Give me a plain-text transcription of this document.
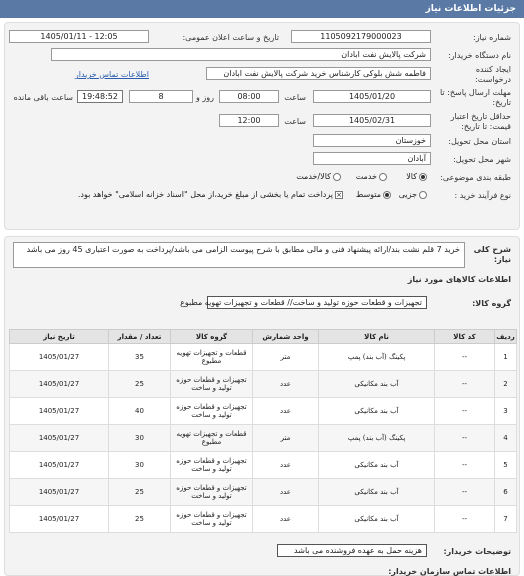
جزئیات اطلاعات نیاز
شماره نیاز:
1105092179000023
تاریخ و ساعت اعلان عمومی:
1405/01/11 - 12:05
نام دستگاه خریدار:
شرکت پالایش نفت ابادان
ایجاد کننده درخواست:
فاطمه شش بلوکی کارشناس خرید شرکت پالایش نفت ابادان
اطلاعات تماس خریدار
مهلت ارسال پاسخ: تا تاریخ:
1405/01/20
ساعت
08:00
8	روز و
ساعت باقی مانده	19:48:52
حداقل تاریخ اعتبار قیمت: تا تاریخ:
1405/02/31
ساعت
12:00
استان محل تحویل:
خوزستان
شهر محل تحویل:
آبادان
طبقه بندی موضوعی:
کالا
خدمت
کالا/خدمت
نوع فرآیند خرید :
جزیی
متوسط
×پرداخت تمام یا بخشی از مبلغ خرید،از محل "اسناد خزانه اسلامی" خواهد بود.
شرح کلی نیاز:
خرید 7 قلم نشت بند/ارائه پیشنهاد فنی و مالی مطابق با شرح پیوست الزامی می باشد/پرداخت به صورت اعتباری 45 روز می باشد
اطلاعات کالاهای مورد نیاز
گروه کالا:
تجهیزات و قطعات حوزه تولید و ساخت// قطعات و تجهیزات تهویه مطبوع
ردیف	کد کالا	نام کالا	واحد شمارش	گروه کالا	تعداد / مقدار	تاریخ نیاز
1	--	پکینگ (آب بند) پمپ	متر	قطعات و تجهیزات تهویه مطبوع	35	1405/01/27
2	--	آب بند مکانیکی	عدد	تجهیزات و قطعات حوزه تولید و ساخت	25	1405/01/27
3	--	آب بند مکانیکی	عدد	تجهیزات و قطعات حوزه تولید و ساخت	40	1405/01/27
4	--	پکینگ (آب بند) پمپ	متر	قطعات و تجهیزات تهویه مطبوع	30	1405/01/27
5	--	آب بند مکانیکی	عدد	تجهیزات و قطعات حوزه تولید و ساخت	30	1405/01/27
6	--	آب بند مکانیکی	عدد	تجهیزات و قطعات حوزه تولید و ساخت	25	1405/01/27
7	--	آب بند مکانیکی	عدد	تجهیزات و قطعات حوزه تولید و ساخت	25	1405/01/27
توضیحات خریدار:
هزینه حمل به عهده فروشنده می باشد
اطلاعات تماس سازمان خریدار:
